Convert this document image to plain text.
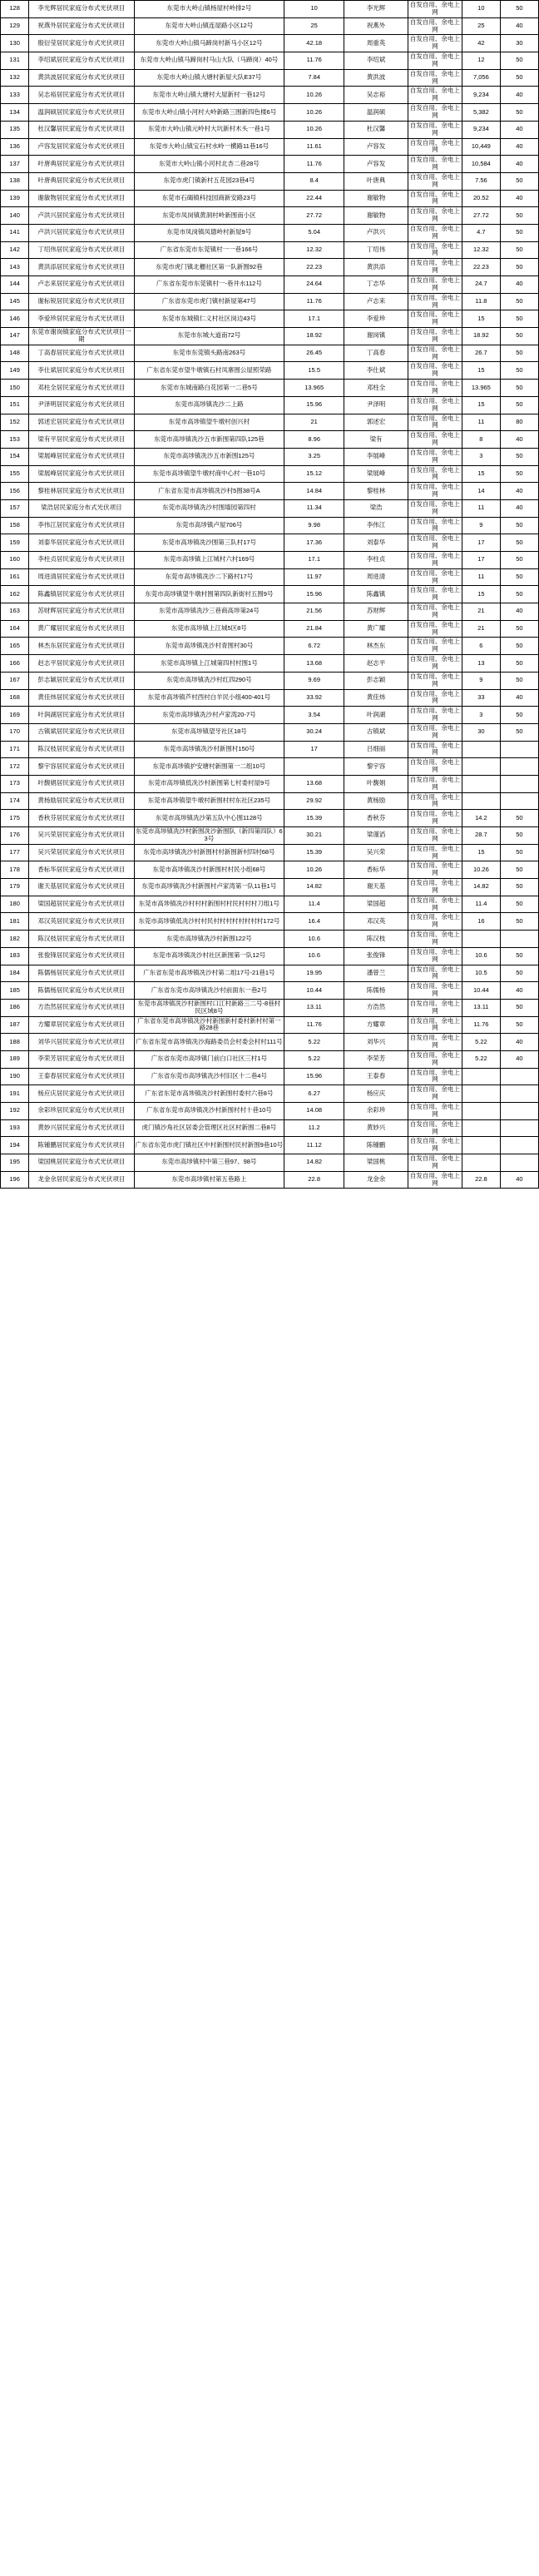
128	李光辉居民家庭分布式光伏项目	东莞市大岭山镇杨屋村岭排2号	10	李光辉	自发自用、余电上网	10	50
129	祝燕外居民家庭分布式光伏项目	东莞市大岭山镇连屋路小区12号	25	祝燕外	自发自用、余电上网	25	40
130	殷衍莹居民家庭分布式光伏项目	东莞市大岭山镇马蹄岗村新马小区12号	42.18	周重英	自发自用、余电上网	42	30
131	李绍斌居民家庭分布式光伏项目	东莞市大岭山镇马蹄岗村马山大队（马蹄岗）40号	11.76	李绍斌	自发自用、余电上网	12	50
132	黄洪波居民家庭分布式光伏项目	东莞市大岭山镇大塘村新屋大队E37号	7.84	黄洪波	自发自用、余电上网	7,056	50
133	吴志裕居民家庭分布式光伏项目	东莞市大岭山镇大塘村大屋新村一巷12号	10.26	吴志裕	自发自用、余电上网	9,234	40
134	温润硕居民家庭分布式光伏项目	东莞市大岭山镇小河村大岭新路三围新四色楼6号	10.26	温润硕	自发自用、余电上网	5,382	50
135	杜汉馨居民家庭分布式光伏项目	东莞市大岭山镇元岭村大坑新村木头一巷1号	10.26	杜汉馨	自发自用、余电上网	9,234	40
136	卢容发居民家庭分布式光伏项目	东莞市大岭山镇宝石村水岭一横路11巷16号	11.61	卢容发	自发自用、余电上网	10,449	40
137	叶唐典居民家庭分布式光伏项目	东莞市大岭山镇小河村北杏二巷28号	11.76	卢容发	自发自用、余电上网	10,584	40
138	叶唐典居民家庭分布式光伏项目	东莞市虎门镇新村五花园23巷4号	8.4	叶唐典	自发自用、余电上网	7.56	50
139	谢敏物居民家庭分布式光伏项目	东莞市石碣镇科技园商新安路23号	22.44	谢敏物	自发自用、余电上网	20.52	40
140	卢洪兴居民家庭分布式光伏项目	东莞市凤岗镇黄洞村岭新围南小区	27.72	谢敏物	自发自用、余电上网	27.72	50
141	卢洪兴居民家庭分布式光伏项目	东莞市凤岗镇凤德岭村新屋9号	5.04	卢洪兴	自发自用、余电上网	4.7	50
142	丁绍伟居民家庭分布式光伏项目	广东省东莞市东莞镇村一一巷166号	12.32	丁绍伟	自发自用、余电上网	12.32	50
143	黄洪添居民家庭分布式光伏项目	东莞市虎门镇北栅社区第一队新围92巷	22.23	黄洪添	自发自用、余电上网	22.23	50
144	卢志来居民家庭分布式光伏项目	广东省东莞市东莞镇村一-巷井水112号	24.64	丁志华	自发自用、余电上网	24.7	40
145	谢标锐居民家庭分布式光伏项目	广东省东莞市虎门镇村新屋第47号	11.76	卢志来	自发自用、余电上网	11.8	50
146	李爱珍居民家庭分布式光伏项目	东莞市东城镇仁义村社区岗边43号	17.1	李爱珍	自发自用、余电上网	15	50
147	东莞市谢岗镇家庭分布式光伏项目一期	东莞市东城大道南72号	18.92	谢岗镇	自发自用、余电上网	18.92	50
148	丁高春居民家庭分布式光伏项目	东莞市东莞镇头路南263号	26.45	丁高春	自发自用、余电上网	26.7	50
149	李仕斌居民家庭分布式光伏项目	广东省东莞市望牛墩镇石村凤寨围公屋照荣路	15.5	李仕斌	自发自用、余电上网	15	50
150	邓柱全居民家庭分布式光伏项目	东莞市东城南路白花园第一二巷5号	13.965	邓柱全	自发自用、余电上网	13.965	50
151	尹泽明居民家庭分布式光伏项目	东莞市高埗镇冼沙二上路	15.96	尹泽明	自发自用、余电上网	15	50
152	郭述宏居民家庭分布式光伏项目	东莞市高埗镇望牛墩村创兴村	21	郭述宏	自发自用、余电上网	11	80
153	梁有平居民家庭分布式光伏项目	东莞市高埗镇冼沙五市新围第四队125巷	8.96	梁有	自发自用、余电上网	8	40
154	梁展峰居民家庭分布式光伏项目	东莞市高埗镇冼沙五市新围125号	3.25	李展峰	自发自用、余电上网	3	50
155	梁展峰居民家庭分布式光伏项目	东莞市高埗镇望牛墩村商中心村一巷10号	15.12	梁展峰	自发自用、余电上网	15	50
156	黎桂林居民家庭分布式光伏项目	广东省东莞市高埗镇冼沙村5围38号A	14.84	黎桂林	自发自用、余电上网	14	40
157	梁浩居民家庭分布式光伏项目	东莞市高埗镇冼沙村围墙园第四村	11.34	梁浩	自发自用、余电上网	11	40
158	李伟江居民家庭分布式光伏项目	东莞市高埗镇卢屋706号	9.98	李伟江	自发自用、余电上网	9	50
159	刘泰华居民家庭分布式光伏项目	东莞市高埗镇冼沙围第三队村17号	17.36	刘泰华	自发自用、余电上网	17	50
160	李柱贞居民家庭分布式光伏项目	东莞市高埗镇上江城村六村169号	17.1	李柱贞	自发自用、余电上网	17	50
161	周进清居民家庭分布式光伏项目	东莞市高埗镇冼沙二下路村17号	11.97	周进清	自发自用、余电上网	11	50
162	陈鑫镇居民家庭分布式光伏项目	东莞市高埗镇望牛墩村围第四队新街村五围9号	15.96	陈鑫镇	自发自用、余电上网	15	50
163	苏财辉居民家庭分布式光伏项目	东莞市高埗镇冼沙三巷商高埗第24号	21.56	苏财辉	自发自用、余电上网	21	40
164	黄广耀居民家庭分布式光伏项目	东莞市高埗镇上江城5区8号	21.84	黄广耀	自发自用、余电上网	21	50
165	林杰东居民家庭分布式光伏项目	东莞市高埗镇冼沙村青围村30号	6.72	林杰东	自发自用、余电上网	6	50
166	赵志平居民家庭分布式光伏项目	东莞市高埗镇上江城第四村村围1号	13.68	赵志平	自发自用、余电上网	13	50
167	彭志颖居民家庭分布式光伏项目	东莞市高埗镇冼沙村红四290号	9.69	彭志颖	自发自用、余电上网	9	50
168	黄佳炜居民家庭分布式光伏项目	东莞市高埗镇芦村西村白羊民小组400-401号	33.92	黄佳炜	自发自用、余电上网	33	40
169	叶润湖居民家庭分布式光伏项目	东莞市高埗镇冼沙村卢家湾20-7号	3.54	叶润湖	自发自用、余电上网	3	50
170	古镇斌居民家庭分布式光伏项目	东莞市高埗镇望牙社区18号	30.24	古镇斌	自发自用、余电上网	30	50
171	陈汉枝居民家庭分布式光伏项目	东莞市高埗镇冼沙村新围村150号	17	吕细丽	自发自用、余电上网		
172	黎宇容居民家庭分布式光伏项目	东莞市高埗镇护安塘村新围第一二组10号		黎宇容	自发自用、余电上网		
173	叶馥娟居民家庭分布式光伏项目	东莞市高埗镇低冼沙村新围第七村委村屋9号	13.68	叶馥娟	自发自用、余电上网		
174	黄杨励居民家庭分布式光伏项目	东莞市高埗镇望牛墩村新围村村东社区235号	29.92	黄杨励	自发自用、余电上网		
175	香秋芬居民家庭分布式光伏项目	东莞市高埗镇冼沙第五队中心围1128号	15.39	香秋芬	自发自用、余电上网	14.2	50
176	吴兴荣居民家庭分布式光伏项目	东莞市高埗镇冼沙村新围冼沙新围队（新四第四队）63号	30.21	梁谨滔	自发自用、余电上网	28.7	50
177	吴兴荣居民家庭分布式光伏项目	东莞市高埗镇冼沙村新围村村新围新村四村68号	15.39	吴兴荣	自发自用、余电上网	15	50
178	香标华居民家庭分布式光伏项目	东莞市高埗镇冼沙村新围村村民小组68号	10.26	香标华	自发自用、余电上网	10.26	50
179	谢天基居民家庭分布式光伏项目	东莞市高埗镇冼沙村新围村卢家湾第一队11巷1号	14.82	谢天基	自发自用、余电上网	14.82	50
180	梁国超居民家庭分布式光伏项目	东莞市高埗镇冼沙村村村新围村村民村村村刀组1号	11.4	梁国超	自发自用、余电上网	11.4	50
181	邓汉英居民家庭分布式光伏项目	东莞市高埗镇低冼沙村村民村村村村村村村村172号	16.4	邓汉英	自发自用、余电上网	16	50
182	陈汉枝居民家庭分布式光伏项目	东莞市高埗镇冼沙村新围122号	10.6	陈汉枝	自发自用、余电上网		
183	张俊锋居民家庭分布式光伏项目	东莞市高埗镇冼沙村社区新围第一队12号	10.6	张俊锋	自发自用、余电上网	10.6	50
184	陈儒杨居民家庭分布式光伏项目	广东省东莞市高埗镇冼沙村第二组17号-21巷1号	19.95	潘曾兰	自发自用、余电上网	10.5	50
185	陈儒杨居民家庭分布式光伏项目	广东省东莞市高埗镇冼沙村前面东一巷2号	10.44	陈儒杨	自发自用、余电上网	10.44	40
186	方浩然居民家庭分布式光伏项目	东莞市高埗镇冼沙村新围村口江村新路三二号-8巷村民区域8号	13.11	方浩然	自发自用、余电上网	13.11	50
187	方耀章居民家庭分布式光伏项目	广东省东莞市高埗镇冼沙村新围新村委村新村村第一路28巷	11.76	方耀章	自发自用、余电上网	11.76	50
188	刘华兴居民家庭分布式光伏项目	广东省东莞市高埗镇冼沙海路委员会村委会村村111号	5.22	刘华兴	自发自用、余电上网	5.22	40
189	李荣芳居民家庭分布式光伏项目	广东省东莞市高埗镇门前白口社区三村1号	5.22	李荣芳	自发自用、余电上网	5.22	40
190	王泰春居民家庭分布式光伏项目	广东省东莞市高埗镇冼沙村旧区十二巷4号	15.96	王泰春	自发自用、余电上网		
191	杨应庆居民家庭分布式光伏项目	广东省东莞市高埗镇冼沙村新围村委村六巷8号	6.27	杨应庆	自发自用、余电上网		
192	余彩珍居民家庭分布式光伏项目	广东省东莞市高埗镇冼沙村新围村村十巷10号	14.08	余彩珍	自发自用、余电上网		
193	黄妙兴居民家庭分布式光伏项目	虎门镇沙角社区居委会管理区社区村新围二巷8号	11.2	黄妙兴	自发自用、余电上网		
194	陈锺鹏居民家庭分布式光伏项目	广东省东莞市虎门镇社区中村新围村民村新围9巷10号	11.12	陈锺鹏	自发自用、余电上网		
195	梁国桃居民家庭分布式光伏项目	东莞市高埗镇村中第三巷97、98号	14.82	梁国桃	自发自用、余电上网		
196	龙金余居民家庭分布式光伏项目	东莞市高埗镇村第五巷路上	22.8	龙金余	自发自用、余电上网	22.8	40
